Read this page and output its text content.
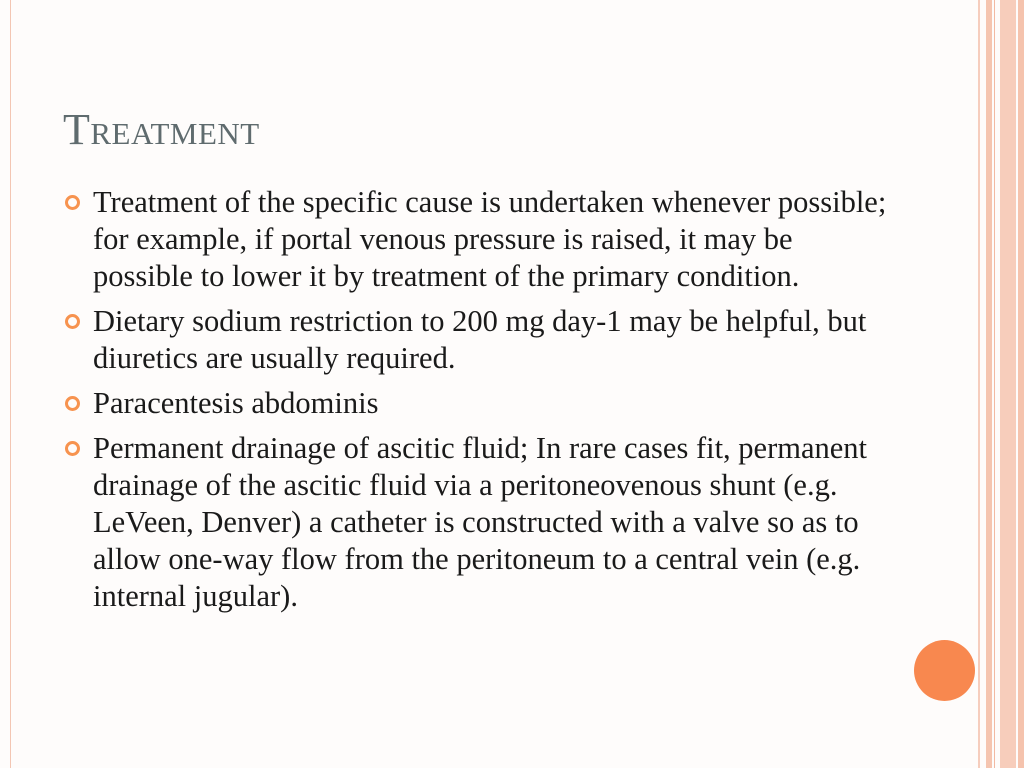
Treatment
Treatment of the specific cause is undertaken whenever possible; for example, if portal venous pressure is raised, it may be possible to lower it by treatment of the primary condition.
Dietary sodium restriction to 200 mg day-1 may be helpful, but diuretics are usually required.
Paracentesis abdominis
Permanent drainage of ascitic fluid; In rare cases fit, permanent drainage of the ascitic fluid via a peritoneovenous shunt (e.g. LeVeen, Denver) a catheter is constructed with a valve so as to allow one-way flow from the peritoneum to a central vein (e.g. internal jugular).
